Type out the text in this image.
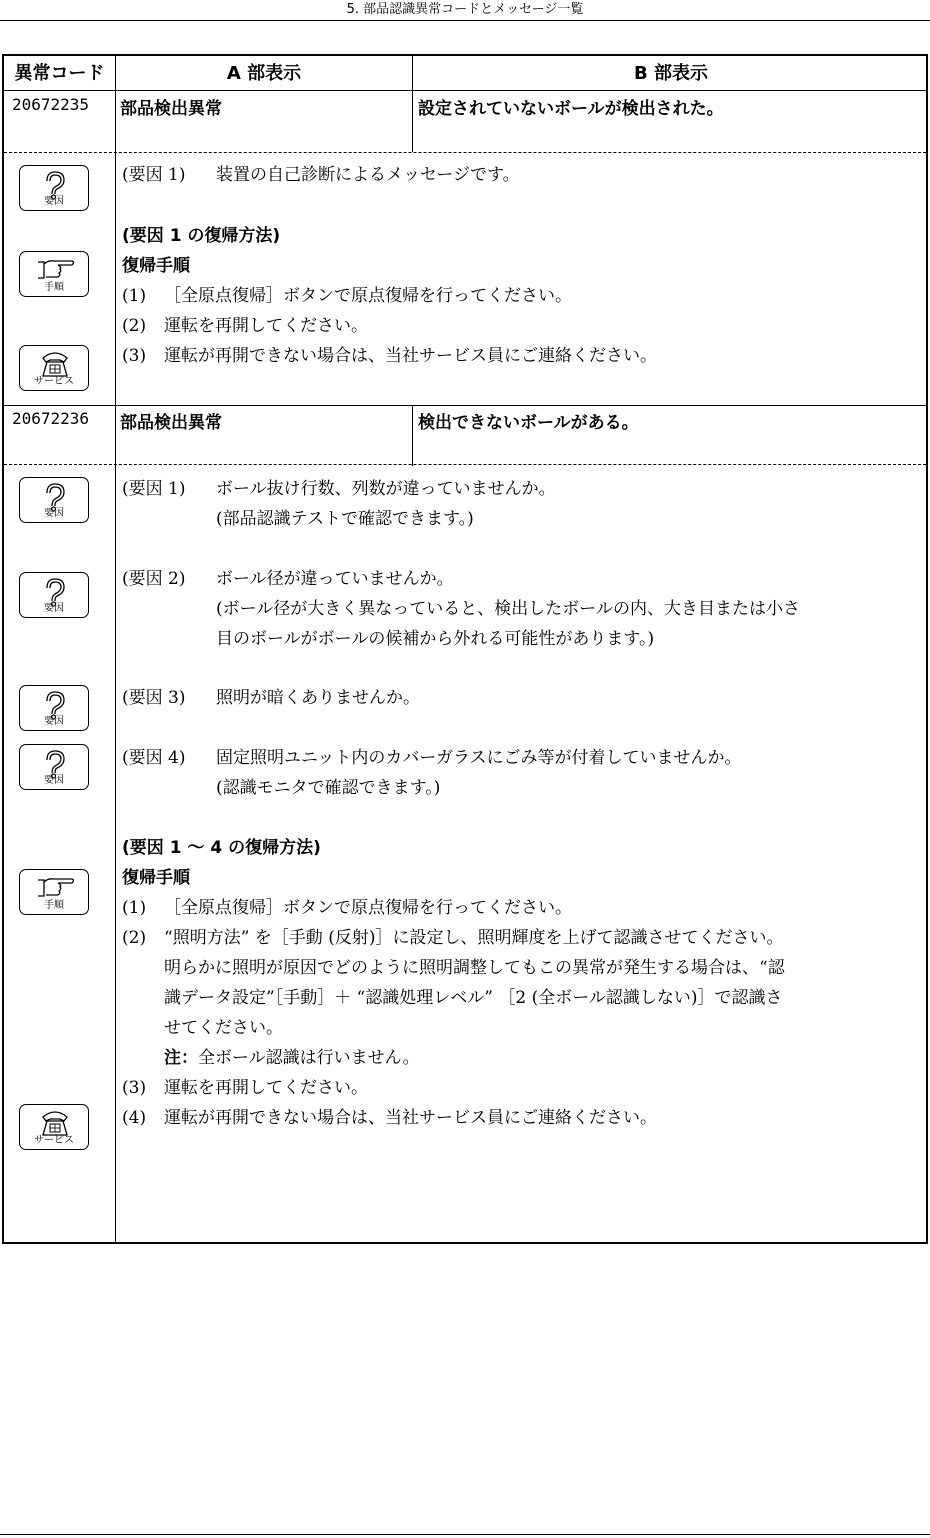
5. 部品認識異常コードとメッセージ一覧
異常コード	A 部表示	B 部表示
20672235 部品検出異常	設定されていないボールが検出された。
(要因 1) 装置の自己診断によるメッセージです。
(要因 1 の復帰方法)
復帰手順
(1) ［全原点復帰］ボタンで原点復帰を行ってください。
(2) 運転を再開してください。
(3) 運転が再開できない場合は、当社サービス員にご連絡ください。
20672236 部品検出異常	検出できないボールがある。
(要因 1) ボール抜け行数、列数が違っていませんか。
(部品認識テストで確認できます。)
(要因 2) ボール径が違っていませんか。
(ボール径が大きく異なっていると、検出したボールの内、大き目または小さ
目のボールがボールの候補から外れる可能性があります。)
(要因 3) 照明が暗くありませんか。
(要因 4) 固定照明ユニット内のカバーガラスにごみ等が付着していませんか。
(認識モニタで確認できます。)
(要因 1 〜 4 の復帰方法)
復帰手順
(1) ［全原点復帰］ボタンで原点復帰を行ってください。
(2) “照明方法” を［手動 (反射)］に設定し、照明輝度を上げて認識させてください。
明らかに照明が原因でどのように照明調整してもこの異常が発生する場合は、“認
識データ設定”［手動］＋ “認識処理レベル” ［2 (全ボール認識しない)］で認識さ
せてください。
注：全ボール認識は行いません。
(3) 運転を再開してください。
(4) 運転が再開できない場合は、当社サービス員にご連絡ください。
要因
手順
サービス
要因
要因
要因
要因
手順
サービス
